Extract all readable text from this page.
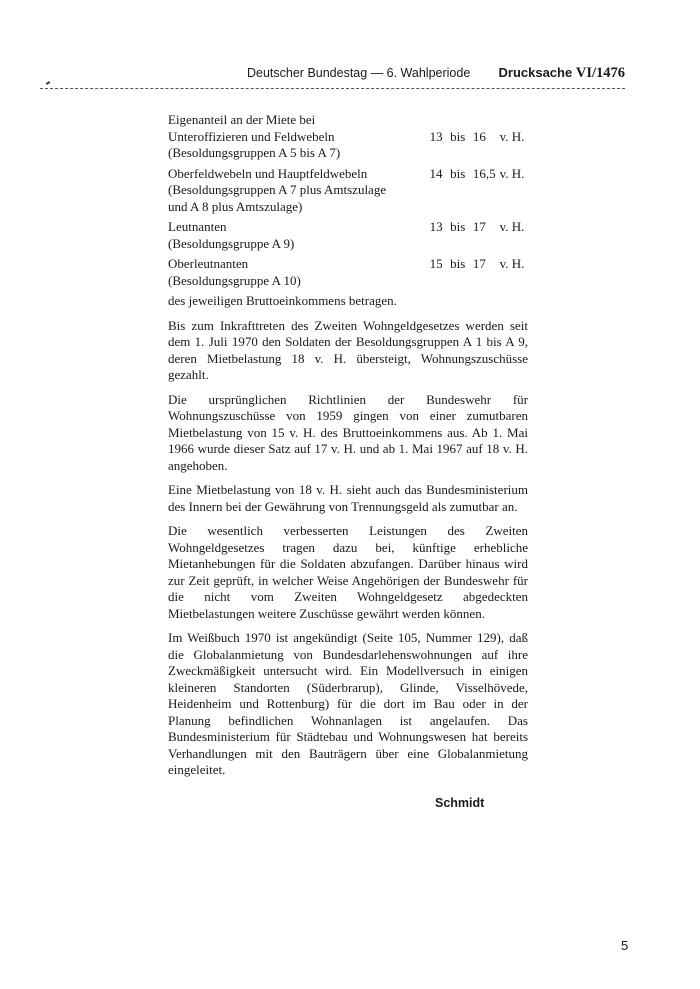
Deutscher Bundestag — 6. Wahlperiode Drucksache VI/1476
Eigenanteil an der Miete bei
Unteroffizieren und Feldwebeln	13 bis 16	v. H.
(Besoldungsgruppen A 5 bis A 7)
Oberfeldwebeln und Hauptfeldwebeln	14 bis 16,5 v. H.
(Besoldungsgruppen A 7 plus Amtszulage
und A 8 plus Amtszulage)
Leutnanten	13 bis 17	v. H.
(Besoldungsgruppe A 9)
Oberleutnanten	15 bis 17	v. H.
(Besoldungsgruppe A 10)

des jeweiligen Bruttoeinkommens betragen.

Bis zum Inkrafttreten des Zweiten Wohngeldgesetzes werden seit dem 1. Juli 1970 den Soldaten der Besoldungsgruppen A 1 bis A 9, deren Mietbelastung 18 v. H. übersteigt, Wohnungszuschüsse gezahlt.

Die ursprünglichen Richtlinien der Bundeswehr für Wohnungszuschüsse von 1959 gingen von einer zumutbaren Mietbelastung von 15 v. H. des Bruttoeinkommens aus. Ab 1. Mai 1966 wurde dieser Satz auf 17 v. H. und ab 1. Mai 1967 auf 18 v. H. angehoben.

Eine Mietbelastung von 18 v. H. sieht auch das Bundesministerium des Innern bei der Gewährung von Trennungsgeld als zumutbar an.

Die wesentlich verbesserten Leistungen des Zweiten Wohngeldgesetzes tragen dazu bei, künftige erhebliche Mietanhebungen für die Soldaten abzufangen. Darüber hinaus wird zur Zeit geprüft, in welcher Weise Angehörigen der Bundeswehr für die nicht vom Zweiten Wohngeldgesetz abgedeckten Mietbelastungen weitere Zuschüsse gewährt werden können.

Im Weißbuch 1970 ist angekündigt (Seite 105, Nummer 129), daß die Globalanmietung von Bundesdarlehenswohnungen auf ihre Zweckmäßigkeit untersucht wird. Ein Modellversuch in einigen kleineren Standorten (Süderbrarup), Glinde, Visselhövede, Heidenheim und Rottenburg) für die dort im Bau oder in der Planung befindlichen Wohnanlagen ist angelaufen. Das Bundesministerium für Städtebau und Wohnungswesen hat bereits Verhandlungen mit den Bauträgern über eine Globalanmietung eingeleitet.

Schmidt
5
